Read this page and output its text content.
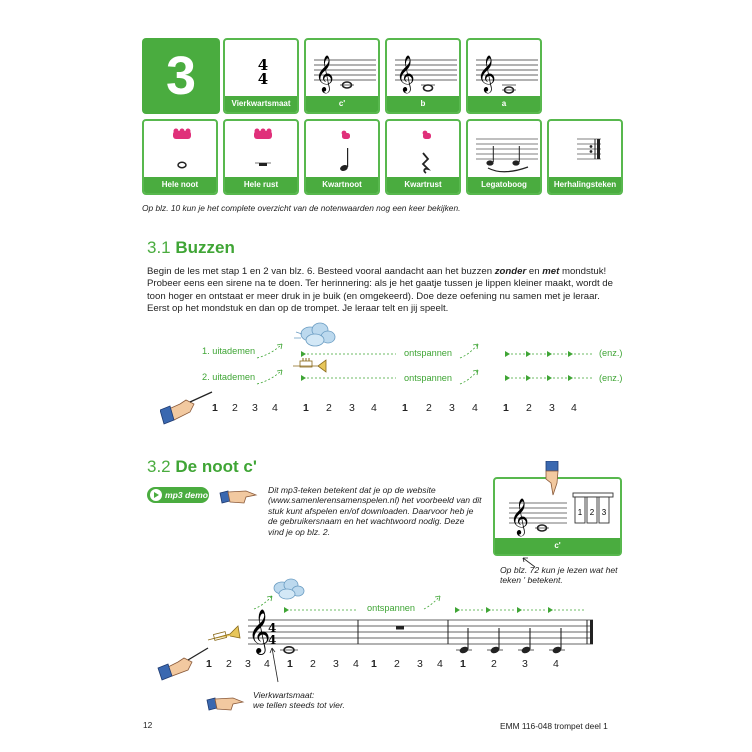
3	4
4
Vierkwartsmaat
𝄞
c'
𝄞
b
𝄞
a
Hele noot	Hele rust	Kwartnoot	Kwartrust	Legatoboog	Herhalingsteken
Op blz. 10 kun je het complete overzicht van de notenwaarden nog een keer bekijken.
3.1 Buzzen
Begin de les met stap 1 en 2 van blz. 6. Besteed vooral aandacht aan het buzzen zonder en met mondstuk! Probeer eens een sirene na te doen. Ter herinnering: als je het gaatje tussen je lippen kleiner maakt, wordt de toon hoger en ontstaat er meer druk in je buik (en omgekeerd). Doe deze oefening nu samen met je leraar. Eerst op het mondstuk en dan op de trompet. Je leraar telt en jij speelt.
1. uitademen
2. uitademen
ontspannen
ontspannen
(enz.)
(enz.)
1 2 3 4 1 2 3 4 1 2 3 4 1 2 3 4
3.2 De noot c'
mp3 demo	Dit mp3-teken betekent dat je op de website (www.samenlerensamenspelen.nl) het voorbeeld van dit stuk kunt afspelen en/of downloaden. Daarvoor heb je de gebruikersnaam en het wachtwoord nodig. Deze vind je op blz. 2.	𝄞	1 2 3
c'
Op blz. 72 kun je lezen wat het teken ' betekent.
𝄞
4
4
ontspannen
1 2 3 4 1 2 3 4 1 2 3 4 1 2 3 4
Vierkwartsmaat:
we tellen steeds tot vier.
12	EMM 116-048 trompet deel 1
